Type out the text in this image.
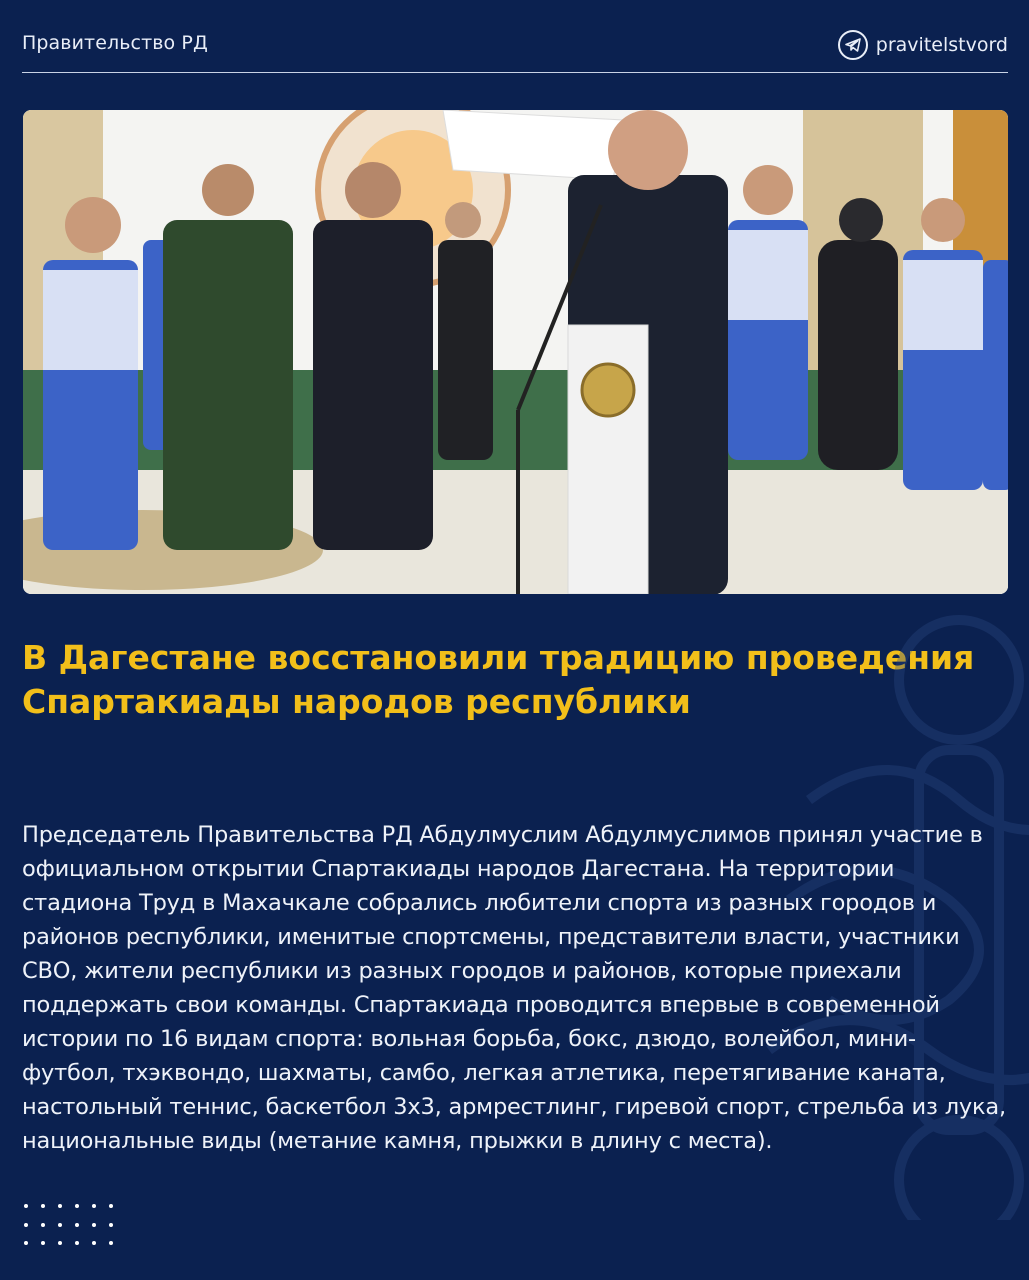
Правительство РД	pravitelstvord
В Дагестане восстановили традицию проведения Спартакиады народов республики

Председатель Правительства РД Абдулмуслим Абдулмуслимов принял участие в официальном открытии Спартакиады народов Дагестана. На территории стадиона Труд в Махачкале собрались любители спорта из разных городов и районов республики, именитые спортсмены, представители власти, участники СВО, жители республики из разных городов и районов, которые приехали поддержать свои команды. Спартакиада проводится впервые в современной истории по 16 видам спорта: вольная борьба, бокс, дзюдо, волейбол, мини-футбол, тхэквондо, шахматы, самбо, легкая атлетика, перетягивание каната, настольный теннис, баскетбол 3х3, армрестлинг, гиревой спорт, стрельба из лука, национальные виды (метание камня, прыжки в длину с места).
